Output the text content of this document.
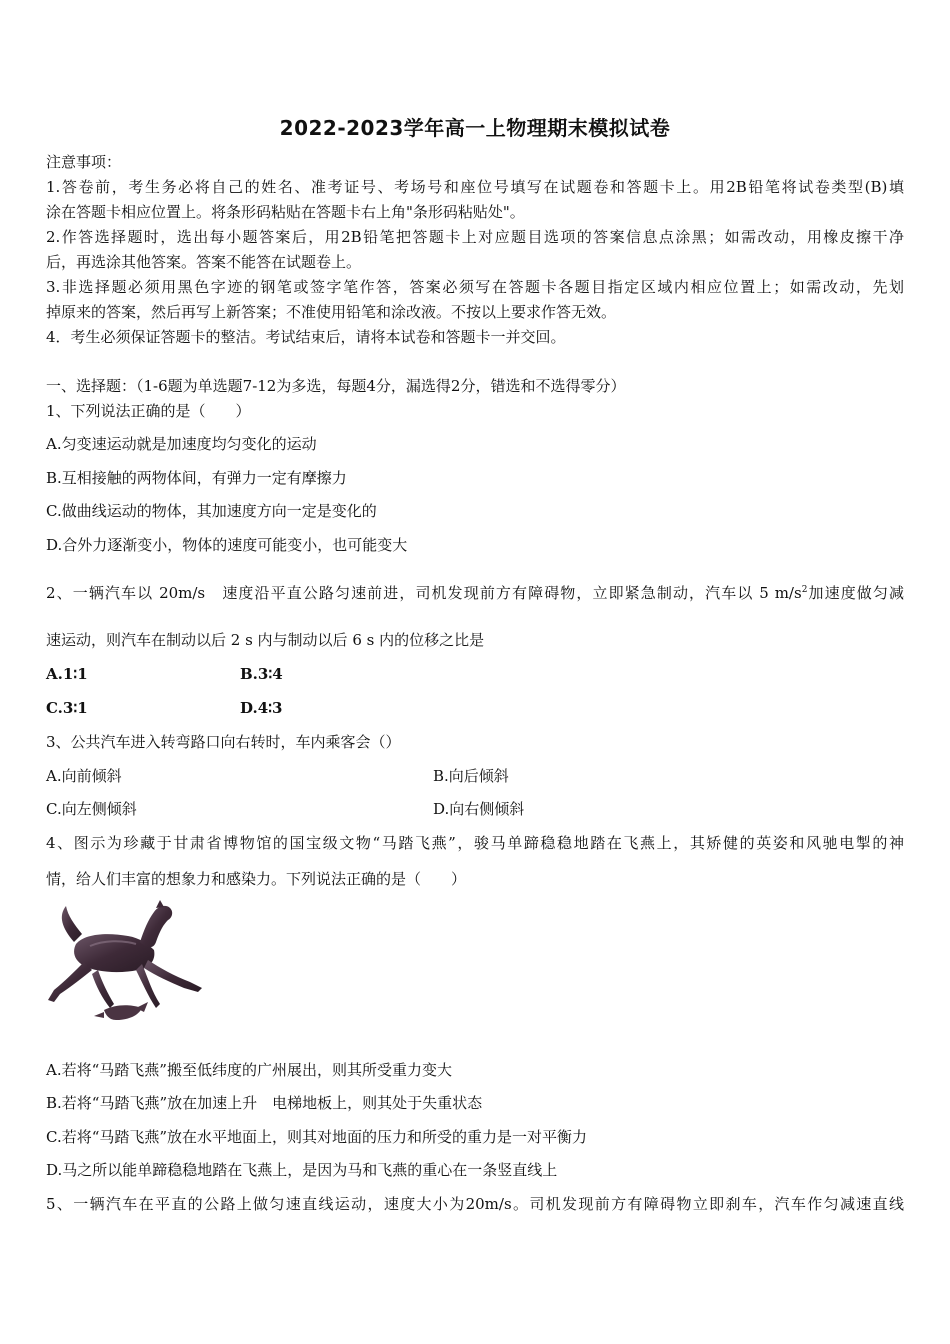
2022-2023学年高一上物理期末模拟试卷
注意事项：
1.答卷前，考生务必将自己的姓名、准考证号、考场号和座位号填写在试题卷和答题卡上。用2B铅笔将试卷类型(B)填
涂在答题卡相应位置上。将条形码粘贴在答题卡右上角"条形码粘贴处"。
2.作答选择题时，选出每小题答案后，用2B铅笔把答题卡上对应题目选项的答案信息点涂黑；如需改动，用橡皮擦干净
后，再选涂其他答案。答案不能答在试题卷上。
3.非选择题必须用黑色字迹的钢笔或签字笔作答，答案必须写在答题卡各题目指定区域内相应位置上；如需改动，先划
掉原来的答案，然后再写上新答案；不准使用铅笔和涂改液。不按以上要求作答无效。
4．考生必须保证答题卡的整洁。考试结束后，请将本试卷和答题卡一并交回。
一、选择题：（1-6题为单选题7-12为多选，每题4分，漏选得2分，错选和不选得零分）
1、下列说法正确的是（　　）
A.匀变速运动就是加速度均匀变化的运动
B.互相接触的两物体间，有弹力一定有摩擦力
C.做曲线运动的物体，其加速度方向一定是变化的
D.合外力逐渐变小，物体的速度可能变小，也可能变大
2、一辆汽车以 20m/s　速度沿平直公路匀速前进，司机发现前方有障碍物，立即紧急制动，汽车以 5 $m/s^2$加速度做匀减
速运动，则汽车在制动以后 2 s 内与制动以后 6 s 内的位移之比是
A.1∶1	B.3∶4
C.3∶1	D.4∶3
3、公共汽车进入转弯路口向右转时，车内乘客会（）
A.向前倾斜	B.向后倾斜
C.向左侧倾斜	D.向右侧倾斜
4、图示为珍藏于甘肃省博物馆的国宝级文物“马踏飞燕”，骏马单蹄稳稳地踏在飞燕上，其矫健的英姿和风驰电掣的神
情，给人们丰富的想象力和感染力。下列说法正确的是（　　）
A.若将“马踏飞燕”搬至低纬度的广州展出，则其所受重力变大
B.若将“马踏飞燕”放在加速上升　电梯地板上，则其处于失重状态
C.若将“马踏飞燕”放在水平地面上，则其对地面的压力和所受的重力是一对平衡力
D.马之所以能单蹄稳稳地踏在飞燕上，是因为马和飞燕的重心在一条竖直线上
5、一辆汽车在平直的公路上做匀速直线运动，速度大小为20m/s。司机发现前方有障碍物立即刹车，汽车作匀减速直线
